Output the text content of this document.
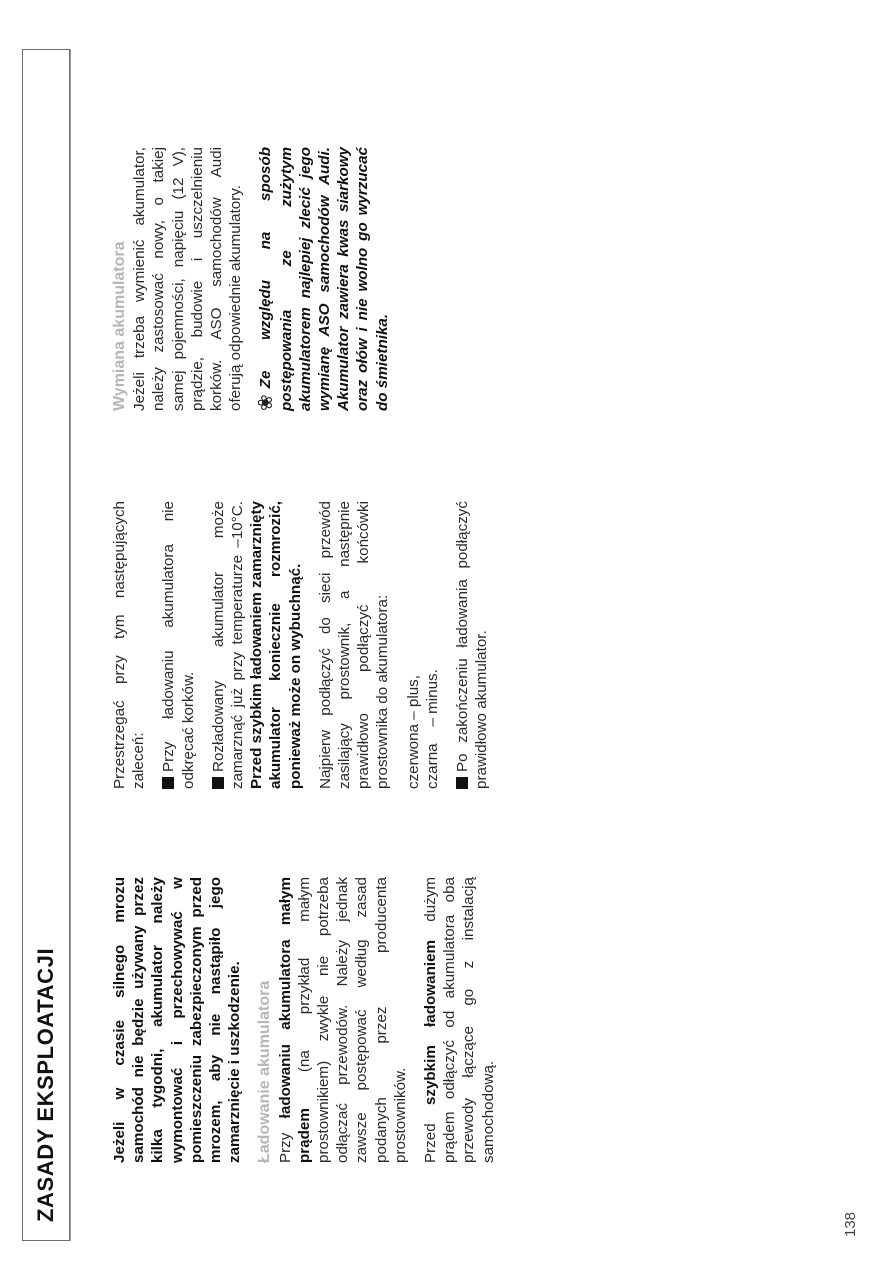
ZASADY EKSPLOATACJI	Jeżeli w czasie silnego mrozu samochód nie będzie używany przez kilka tygodni, akumulator należy wymontować i przechowywać w pomieszczeniu zabezpieczonym przed mrozem, aby nie nastąpiło jego zamarznięcie i uszkodzenie. Ładowanie akumulatora Przy ładowaniu akumulatora małym prądem (na przykład małym prostownikiem) zwykle nie potrzeba odłączać przewodów. Należy jednak zawsze postępować według zasad podanych przez producenta prostowników. Przed szybkim ładowaniem dużym prądem odłączyć od akumulatora oba przewody łączące go z instalacją samochodową.

Przestrzegać przy tym następujących zaleceń: Przy ładowaniu akumulatora nie odkręcać korków. Rozładowany akumulator może zamarznąć już przy temperaturze –10°C. Przed szybkim ładowaniem zamarznięty akumulator koniecznie rozmrozić, ponieważ może on wybuchnąć. Najpierw podłączyć do sieci przewód zasilający prostownik, a następnie prawidłowo podłączyć końcówki prostownika do akumulatora: czerwona – plus, czarna    – minus. Po zakończeniu ładowania podłączyć prawidłowo akumulator.

Wymiana akumulatora Jeżeli trzeba wymienić akumulator, należy zastosować nowy, o takiej samej pojemności, napięciu (12 V), prądzie, budowie i uszczelnieniu korków. ASO samochodów Audi oferują odpowiednie akumulatory. ❀Ze względu na sposób postępowania ze zużytym akumulatorem najlepiej zlecić jego wymianę ASO samochodów Audi. Akumulator zawiera kwas siarkowy oraz ołów i nie wolno go wyrzucać do śmietnika.

138
